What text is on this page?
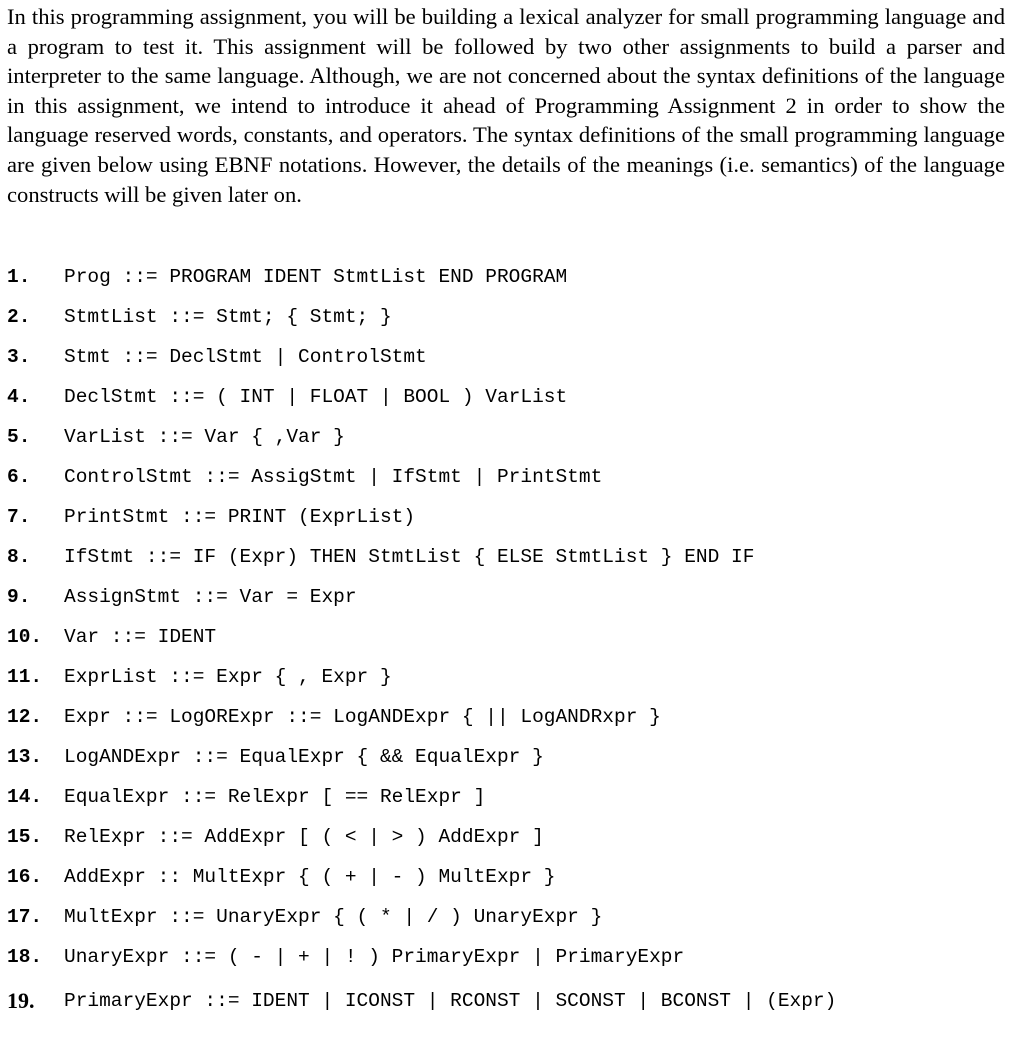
In this programming assignment, you will be building a lexical analyzer for small programming language and a program to test it. This assignment will be followed by two other assignments to build a parser and interpreter to the same language. Although, we are not concerned about the syntax definitions of the language in this assignment, we intend to introduce it ahead of Programming Assignment 2 in order to show the language reserved words, constants, and operators. The syntax definitions of the small programming language are given below using EBNF notations. However, the details of the meanings (i.e. semantics) of the language constructs will be given later on.

1.

Prog ::= PROGRAM IDENT StmtList END PROGRAM

2.

StmtList ::= Stmt; { Stmt; }

3.

Stmt ::= DeclStmt | ControlStmt

4.

DeclStmt ::= ( INT | FLOAT | BOOL ) VarList

5.

VarList ::= Var { ,Var }

6.

ControlStmt ::= AssigStmt | IfStmt | PrintStmt

7.

PrintStmt ::= PRINT (ExprList)

8.

IfStmt ::= IF (Expr) THEN StmtList { ELSE StmtList } END IF

9.

AssignStmt ::= Var = Expr

10.

Var ::= IDENT

11.

ExprList ::= Expr { , Expr }

12.

Expr ::= LogORExpr ::= LogANDExpr { || LogANDRxpr }

13.

LogANDExpr ::= EqualExpr { && EqualExpr }

14.

EqualExpr ::= RelExpr [ == RelExpr ]

15.

RelExpr ::= AddExpr [ ( < | > ) AddExpr ]

16.

AddExpr :: MultExpr { ( + | - ) MultExpr }

17.

MultExpr ::= UnaryExpr { ( * | / ) UnaryExpr }

18.

UnaryExpr ::= ( - | + | ! ) PrimaryExpr | PrimaryExpr

19.

PrimaryExpr ::= IDENT | ICONST | RCONST | SCONST | BCONST | (Expr)
